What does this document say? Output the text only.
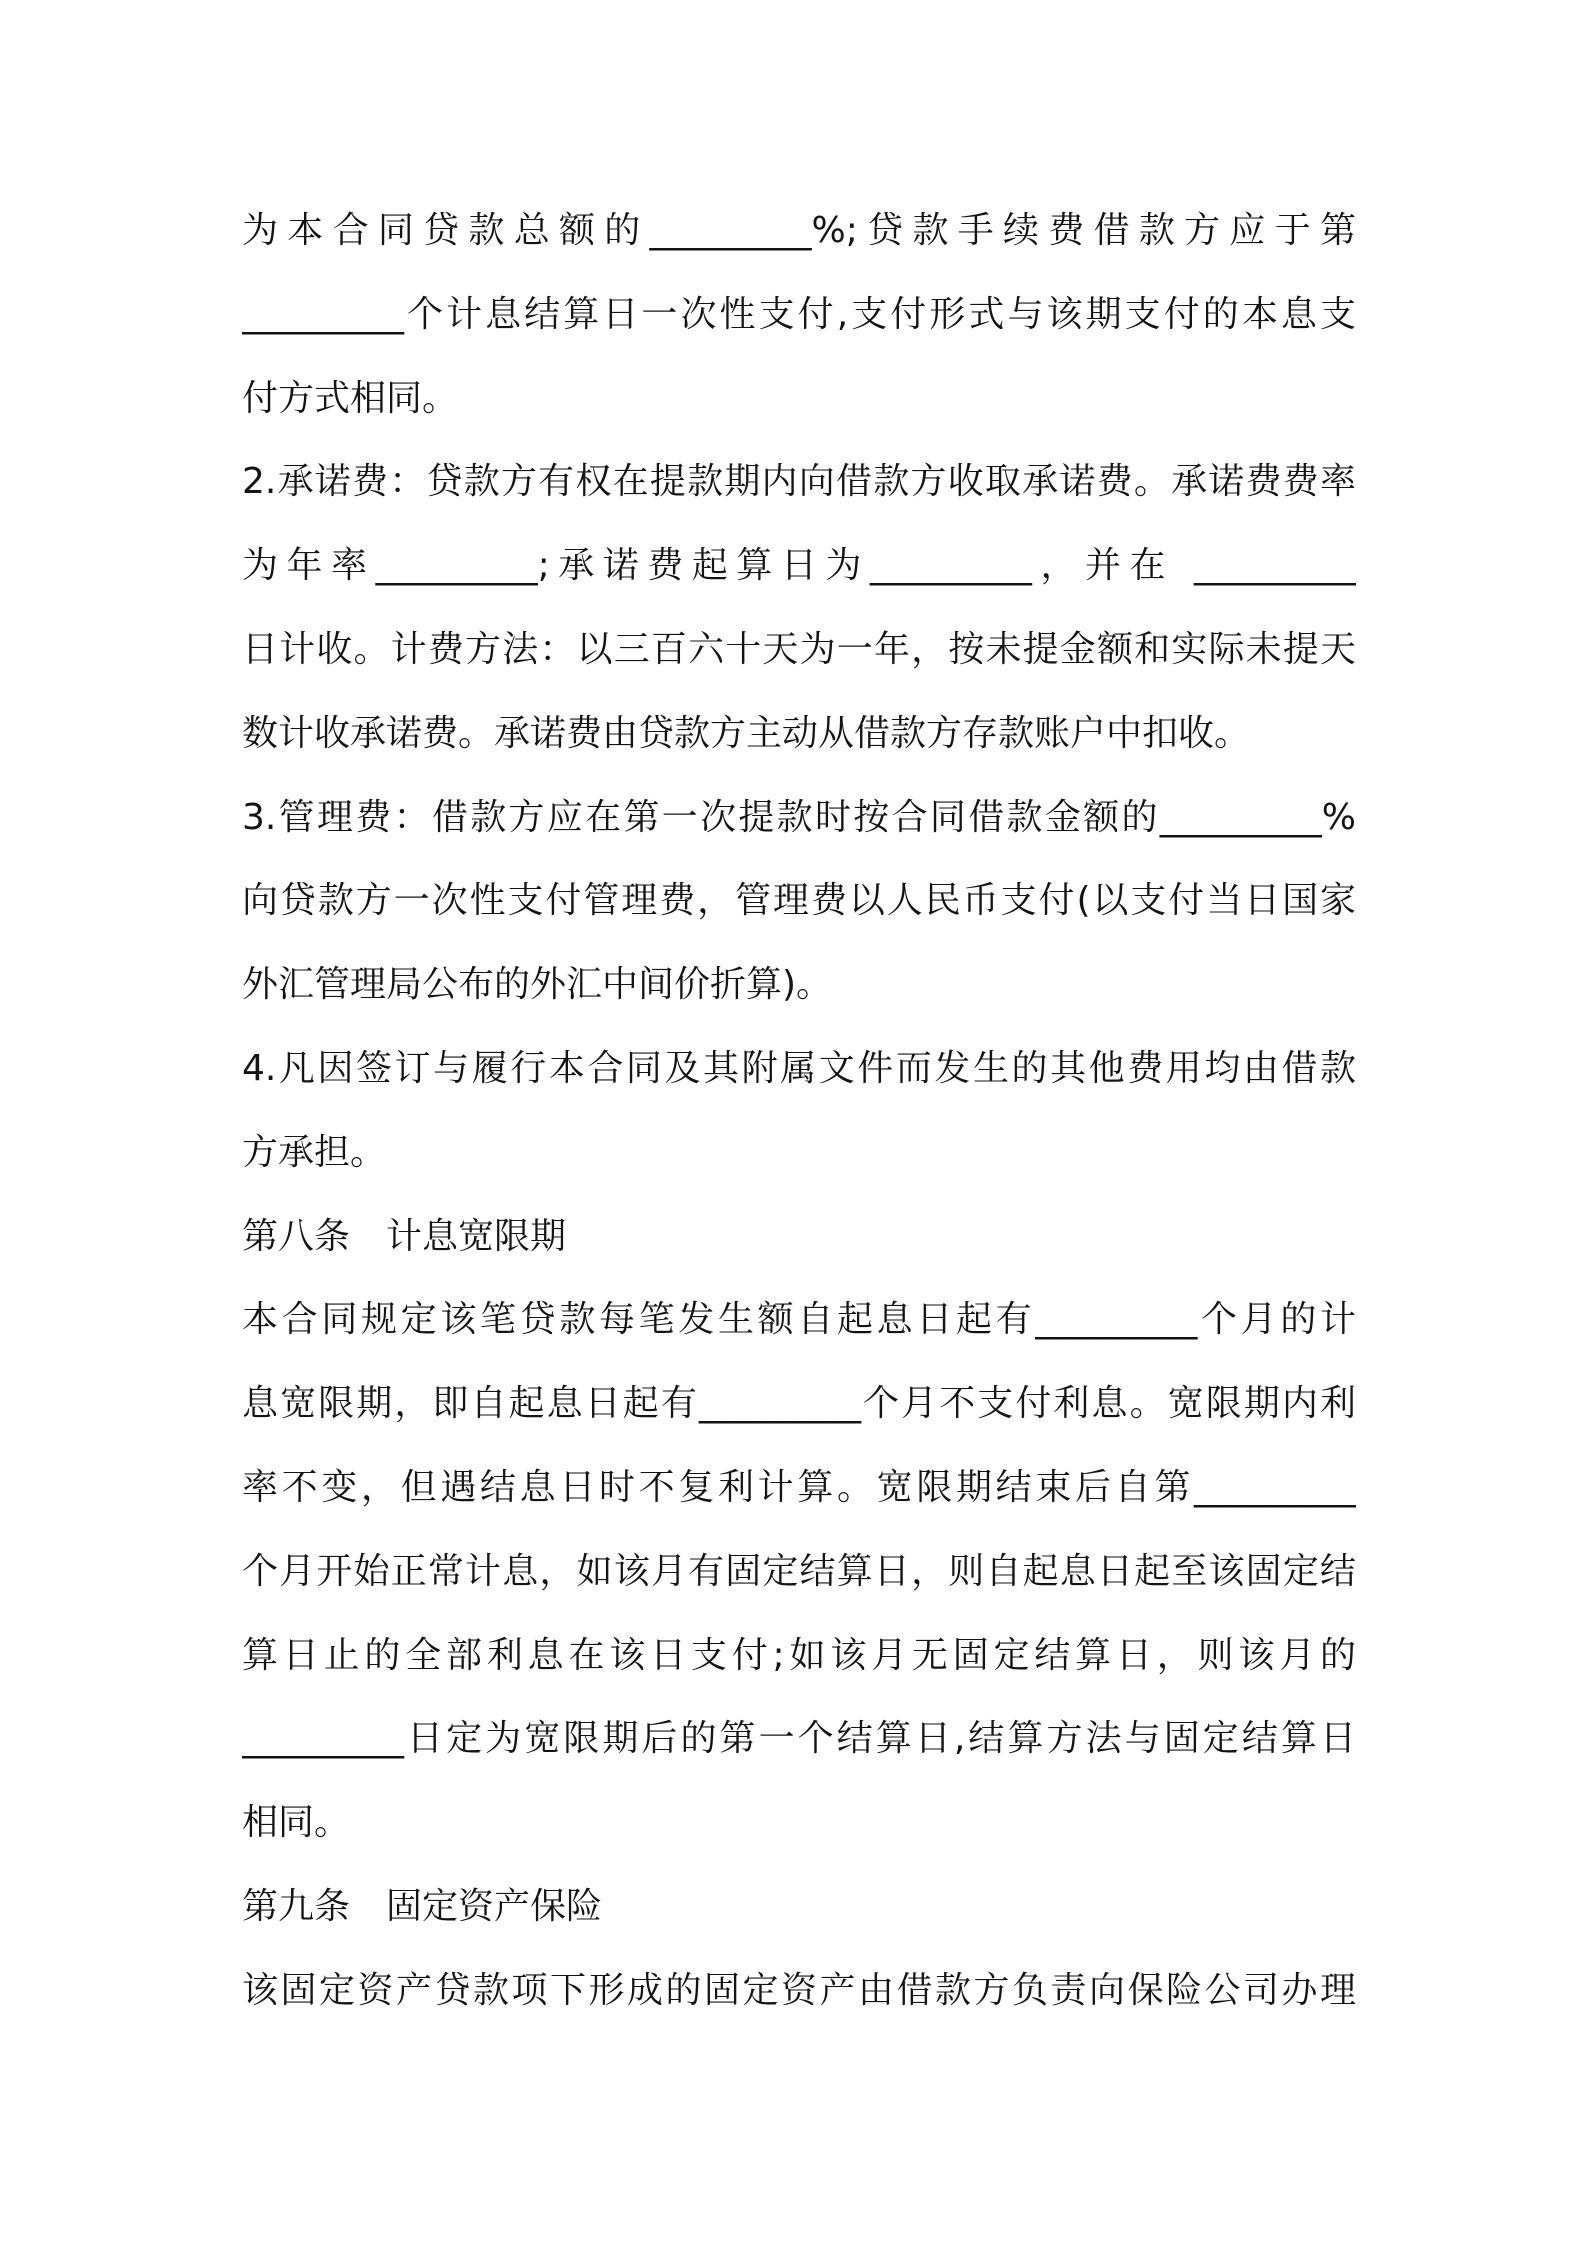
为本合同贷款总额的_________%;贷款手续费借款方应于第
_________个计息结算日一次性支付,支付形式与该期支付的本息支
付方式相同。
2.承诺费：贷款方有权在提款期内向借款方收取承诺费。承诺费费率
为年率_________;承诺费起算日为_________，并在 _________
日计收。计费方法：以三百六十天为一年，按未提金额和实际未提天
数计收承诺费。承诺费由贷款方主动从借款方存款账户中扣收。
3.管理费：借款方应在第一次提款时按合同借款金额的_________%
向贷款方一次性支付管理费，管理费以人民币支付(以支付当日国家
外汇管理局公布的外汇中间价折算)。
4.凡因签订与履行本合同及其附属文件而发生的其他费用均由借款
方承担。
第八条　计息宽限期
本合同规定该笔贷款每笔发生额自起息日起有_________个月的计
息宽限期，即自起息日起有_________个月不支付利息。宽限期内利
率不变，但遇结息日时不复利计算。宽限期结束后自第_________
个月开始正常计息，如该月有固定结算日，则自起息日起至该固定结
算日止的全部利息在该日支付;如该月无固定结算日，则该月的
_________日定为宽限期后的第一个结算日,结算方法与固定结算日
相同。
第九条　固定资产保险
该固定资产贷款项下形成的固定资产由借款方负责向保险公司办理
